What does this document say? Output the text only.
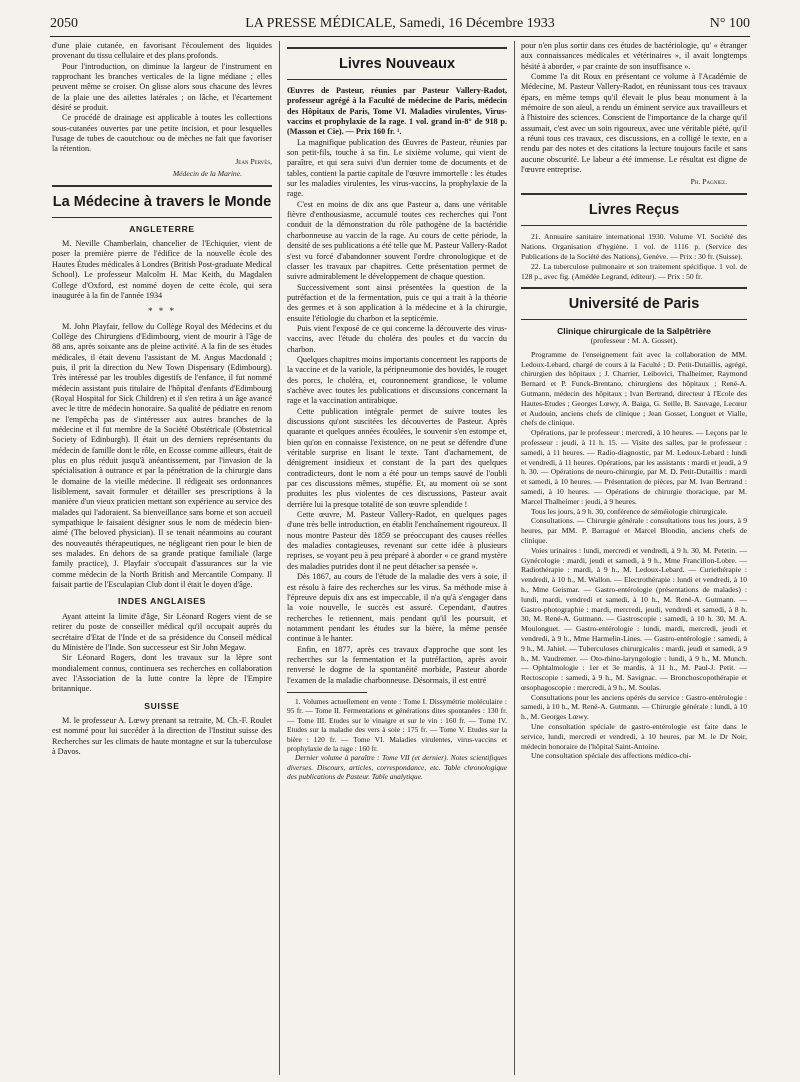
2050	LA PRESSE MÉDICALE, Samedi, 16 Décembre 1933	N° 100

d'une plaie cutanée, en favorisant l'écoulement des liquides provenant du tissu cellulaire et des plans profonds.

Pour l'introduction, on diminue la largeur de l'instrument en rapprochant les branches verticales de la ligne médiane ; elles peuvent même se croiser. On glisse alors sous chacune des lèvres de la plaie une des ailettes latérales ; on lâche, et l'écartement désiré se produit.

Ce procédé de drainage est applicable à toutes les collections sous-cutanées ouvertes par une petite incision, et pour lesquelles l'usage de tubes de caoutchouc ou de mèches ne fait que favoriser la rétention.

Jean Pervès,
Médecin de la Marine.
La Médecine à travers le Monde
ANGLETERRE

M. Neville Chamberlain, chancelier de l'Echiquier, vient de poser la première pierre de l'édifice de la nouvelle école des Hautes Études médicales à Londres (British Post-graduate Medical School). Le professeur Malcolm H. Mac Keith, du Magdalen College d'Oxford, est nommé doyen de cette école, qui sera inaugurée à la fin de l'année 1934

* * *

M. John Playfair, fellow du Collège Royal des Médecins et du Collège des Chirurgiens d'Edimbourg, vient de mourir à l'âge de 88 ans, après soixante ans de pleine activité. A la fin de ses études médicales, il était devenu l'assistant de M. Angus Macdonald ; puis, il prit la direction du New Town Dispensary (Edimbourg). Très intéressé par les troubles digestifs de l'enfance, il fut nommé médecin assistant puis titulaire de l'hôpital d'enfants d'Edimbourg (Royal Hospital for Sick Children) et il s'en retira à un âge avancé avec le titre de médecin honoraire. Sa qualité de pédiatre en renom ne l'empêcha pas de s'intéresser aux autres branches de la médecine et il fut membre de la Société Obstétricale (Obstetrical Society of Edinburgh). Il était un des derniers représentants du médecin de famille dont le rôle, en Ecosse comme ailleurs, était de plus en plus réduit jusqu'à anéantissement, par l'invasion de la spécialisation à outrance et par la pénétration de la chirurgie dans le domaine de la vieille médecine. Il rédigeait ses ordonnances lisiblement, savait formuler et détailler ses prescriptions à la manière d'un vieux praticien mettant son expérience au service des malades qui l'adoraient. Sa bienveillance sans borne et son accueil sympathique le faisaient désigner sous le nom de médecin bien-aimé (The beloved physician). Il se tenait néanmoins au courant des nouveautés thérapeutiques, ne négligeant rien pour le bien de ses malades. En dehors de sa grande pratique familiale (large family practice), J. Playfair s'occupait d'assurances sur la vie comme médecin de la North British and Mercantile Company. Il faisait partie de l'Esculapian Club dont il était le doyen d'âge.

INDES ANGLAISES

Ayant atteint la limite d'âge, Sir Léonard Rogers vient de se retirer du poste de conseiller médical qu'il occupait auprès du secrétaire d'Etat de l'Inde et de sa présidence du Conseil médical du Ministère de l'Inde. Son successeur est Sir John Megaw.

Sir Léonard Rogers, dont les travaux sur la lèpre sont mondialement connus, continuera ses recherches en collaboration avec l'Association de la lutte contre la lèpre de l'Empire britannique.

SUISSE

M. le professeur A. Lœwy prenant sa retraite, M. Ch.-F. Roulet est nommé pour lui succéder à la direction de l'Institut suisse des Recherches sur les climats de haute montagne et sur la tuberculose à Davos.

Livres Nouveaux

Œuvres de Pasteur, réunies par Pasteur Vallery-Radot, professeur agrégé à la Faculté de médecine de Paris, médecin des Hôpitaux de Paris, Tome VI. Maladies virulentes, Virus-vaccins et prophylaxie de la rage. 1 vol. grand in-8° de 918 p. (Masson et Cie). — Prix 160 fr. ¹.

La magnifique publication des Œuvres de Pasteur, réunies par son petit-fils, touche à sa fin. Le sixième volume, qui vient de paraître, et qui sera suivi d'un dernier tome de documents et de tables, contient la partie capitale de l'œuvre immortelle : les études sur les maladies virulentes, les virus-vaccins, la prophylaxie de la rage.

C'est en moins de dix ans que Pasteur a, dans une véritable fièvre d'enthousiasme, accumulé toutes ces recherches qui l'ont conduit de la démonstration du rôle pathogène de la bactéridie charbonneuse au vaccin de la rage. Au cours de cette période, la densité de ses publications a été telle que M. Pasteur Vallery-Radot s'est vu forcé d'abandonner souvent l'ordre chronologique et de classer les travaux par chapitres. Cette présentation permet de suivre admirablement le développement de chaque question.

Successivement sont ainsi présentées la question de la putréfaction et de la fermentation, puis ce qui a trait à la théorie des germes et à son application à la médecine et à la chirurgie, ensuite l'étiologie du charbon et la septicémie.

Puis vient l'exposé de ce qui concerne la découverte des virus-vaccins, avec l'étude du choléra des poules et du vaccin du charbon.

Quelques chapitres moins importants concernent les rapports de la vaccine et de la variole, la péripneumonie des bovidés, le rouget des porcs, le choléra, et, couronnement grandiose, le volume s'achève avec toutes les publications et discussions concernant la rage et la vaccination antirabique.

Cette publication intégrale permet de suivre toutes les discussions qu'ont suscitées les découvertes de Pasteur. Après quarante et quelques années écoulées, le souvenir s'en estompe et, bien qu'on en connaisse l'existence, on ne peut se défendre d'une véritable surprise en lisant le texte. Tant d'acharnement, de dénigrement insidieux et constant de la part des quelques contradicteurs, dont le nom a été pour un temps sauvé de l'oubli par ces discussions mêmes, stupéfie. Et, au moment où se sont produites les plus violentes de ces discussions, Pasteur avait derrière lui la presque totalité de son œuvre splendide !

Cette œuvre, M. Pasteur Vallery-Radot, en quelques pages d'une très belle introduction, en établit l'enchaînement rigoureux. Il nous montre Pasteur dès 1859 se préoccupant des causes réelles des maladies contagieuses, revenant sur cette idée à plusieurs reprises, se voyant peu à peu préparé à aborder « ce grand mystère des maladies putrides dont il ne peut détacher sa pensée ».

Dès 1867, au cours de l'étude de la maladie des vers à soie, il est résolu à faire des recherches sur les virus. Sa méthode mise à l'épreuve depuis dix ans est impeccable, il n'a qu'à s'engager dans la voie nouvelle, le succès est assuré. Cependant, d'autres recherches le retiennent, mais pendant qu'il les poursuit, et notamment pendant les études sur la bière, la même pensée continue à le hanter.

Enfin, en 1877, après ces travaux d'approche que sont les recherches sur la fermentation et la putréfaction, après avoir renversé le dogme de la spontanéité morbide, Pasteur aborde l'examen de la maladie charbonneuse. Désormais, il est entré

1. Volumes actuellement en vente : Tome I. Dissymétrie moléculaire : 95 fr. — Tome II. Fermentations et générations dites spontanées : 130 fr. — Tome III. Etudes sur le vinaigre et sur le vin : 160 fr. — Tome IV. Etudes sur la maladie des vers à soie : 175 fr. — Tome V. Etudes sur la bière : 120 fr. — Tome VI. Maladies virulentes, virus-vaccins et prophylaxie de la rage : 160 fr.

Dernier volume à paraître : Tome VII (et dernier). Notes scientifiques diverses. Discours, articles, correspondance, etc. Table chronologique des publications de Pasteur. Table analytique.

pour n'en plus sortir dans ces études de bactériologie, qu' « étranger aux connaissances médicales et vétérinaires », il avait longtemps hésité à aborder, « par crainte de son insuffisance ».

Comme l'a dit Roux en présentant ce volume à l'Académie de Médecine, M. Pasteur Vallery-Radot, en réunissant tous ces travaux épars, en même temps qu'il élevait le plus beau monument à la mémoire de son aïeul, a rendu un éminent service aux travailleurs et à l'histoire des sciences. Conscient de l'importance de la charge qu'il assumait, c'est avec un soin rigoureux, avec une véritable piété, qu'il a réuni tous ces travaux, ces discussions, en a colligé le texte, en a rendu par des notes et des citations la lecture toujours facile et sans aucune obscurité. Le labeur a été immense. Le résultat est digne de l'œuvre entreprise.

Ph. Pagniez.
Livres Reçus

21. Annuaire sanitaire international 1930. Volume VI. Société des Nations. Organisation d'hygiène. 1 vol. de 1116 p. (Service des Publications de la Société des Nations), Genève. — Prix : 30 fr. (Suisse).

22. La tuberculose pulmonaire et son traitement spécifique. 1 vol. de 128 p., avec fig. (Amédée Legrand, éditeur). — Prix : 50 fr.

Université de Paris
Clinique chirurgicale de la Salpêtrière
(professeur : M. A. Gosset).

Programme de l'enseignement fait avec la collaboration de MM. Ledoux-Lebard, chargé de cours à la Faculté ; D. Petit-Dutaillis, agrégé, chirurgien des hôpitaux ; J. Charrier, Leibovici, Thalheimer, Raymond Bernard et P. Funck-Brentano, chirurgiens des hôpitaux ; René-A. Gutmann, médecin des hôpitaux ; Ivan Bertrand, directeur à l'Ecole des Hautes-Etudes ; Georges Lœwy, A. Baiga, G. Seille, B. Sauvage, Lecœur et Audouin, anciens chefs de clinique ; Jean Gosset, Longuet et Vialle, chefs de clinique.

Opérations, par le professeur : mercredi, à 10 heures. — Leçons par le professeur : jeudi, à 11 h. 15. — Visite des salles, par le professeur : samedi, à 11 heures. — Radio-diagnostic, par M. Ledoux-Lebard : lundi et vendredi, à 11 heures. Opérations, par les assistants : mardi et jeudi, à 9 h. 30. — Opérations de neuro-chirurgie, par M. D. Petit-Dutaillis : mardi et samedi, à 10 heures. — Présentation de pièces, par M. Ivan Bertrand : samedi, à 10 heures. — Opérations de chirurgie thoracique, par M. Marcel Thalheimer : jeudi, à 9 heures.

Tous les jours, à 9 h. 30, conférence de séméiologie chirurgicale.

Consultations. — Chirurgie générale : consultations tous les jours, à 9 heures, par MM. P. Barragué et Marcel Blondin, anciens chefs de clinique.

Voies urinaires : lundi, mercredi et vendredi, à 9 h. 30, M. Petetin. — Gynécologie : mardi, jeudi et samedi, à 9 h., Mme Francillon-Lobre. — Radiothérapie : mardi, à 9 h., M. Ledoux-Lebard. — Curiethérapie : vendredi, à 10 h., M. Wallon. — Electrothérapie : lundi et vendredi, à 10 h., Mme Geismar. — Gastro-entérologie (présentations de malades) : lundi, mardi, vendredi et samedi, à 10 h., M. René-A. Gutmann. — Gastro-photographie : mardi, mercredi, jeudi, vendredi et samedi, à 8 h. 30, M. René-A. Gutmann. — Gastroscopie : samedi, à 10 h. 30, M. A. Moulonguet. — Gastro-entérologie : lundi, mardi, mercredi, jeudi et vendredi, à 9 h., Mme Harmelin-Lines. — Gastro-entérologie : samedi, à 9 h., M. Jahiel. — Tuberculoses chirurgicales : mardi, jeudi et samedi, à 9 h., M. Vaudremer. — Oto-rhino-laryngologie : lundi, à 9 h., M. Munch. — Ophtalmologie : 1er et 3e mardis, à 11 h., M. Paul-J. Petit. — Rectoscopie : samedi, à 9 h., M. Savignac. — Bronchoscopothérapie et œsophagoscopie : mercredi, à 9 h., M. Soulas.

Consultations pour les anciens opérés du service : Gastro-entérologie : samedi, à 10 h., M. René-A. Gutmann. — Chirurgie générale : lundi, à 10 h., M. Georges Lœwy.

Une consultation spéciale de gastro-entérologie est faite dans le service, lundi, mercredi et vendredi, à 10 heures, par M. le Dr Noir, médecin honoraire de l'hôpital Saint-Antoine.

Une consultation spéciale des affections médico-chi-
